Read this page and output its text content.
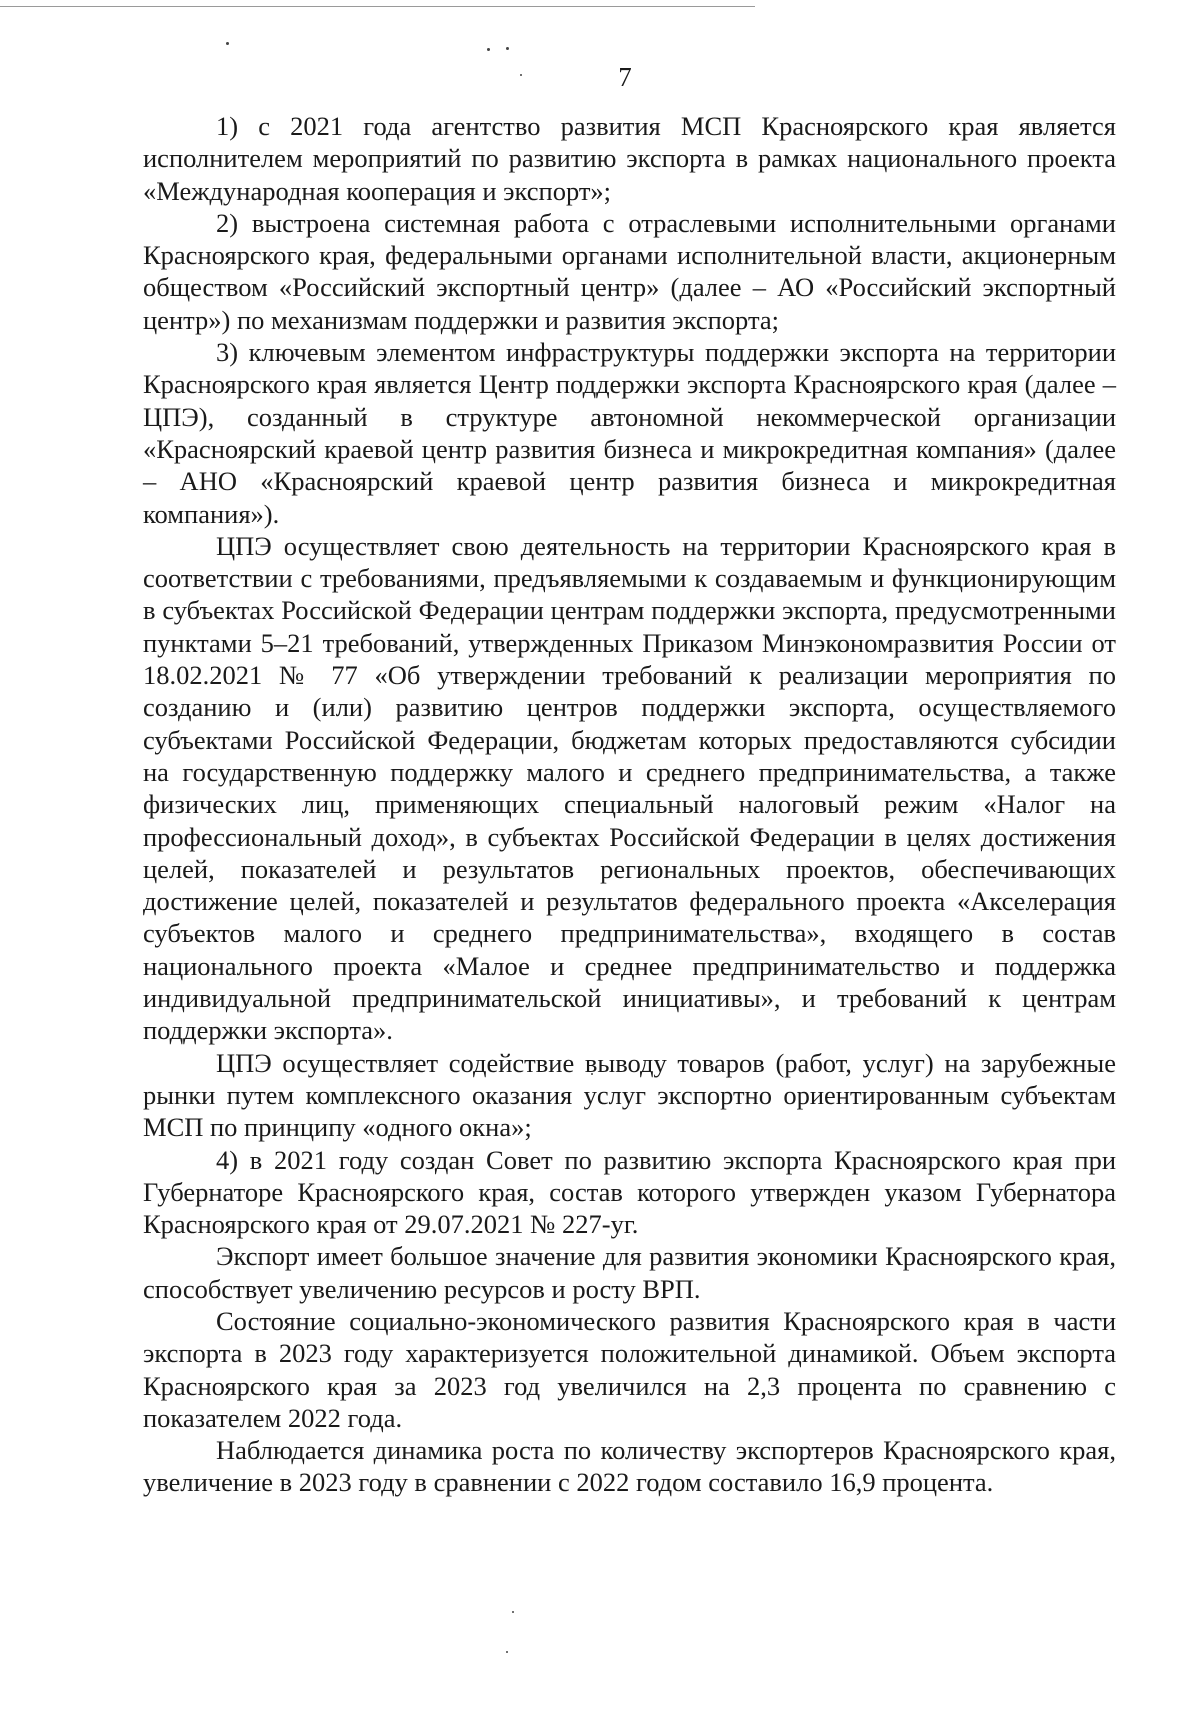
7

1) с 2021 года агентство развития МСП Красноярского края является исполнителем мероприятий по развитию экспорта в рамках национального проекта «Международная кооперация и экспорт»;

2) выстроена системная работа с отраслевыми исполнительными органами Красноярского края, федеральными органами исполнительной власти, акционерным обществом «Российский экспортный центр» (далее – АО «Российский экспортный центр») по механизмам поддержки и развития экспорта;

3) ключевым элементом инфраструктуры поддержки экспорта на территории Красноярского края является Центр поддержки экспорта Красноярского края (далее – ЦПЭ), созданный в структуре автономной некоммерческой организации «Красноярский краевой центр развития бизнеса и микрокредитная компания» (далее – АНО «Красноярский краевой центр развития бизнеса и микрокредитная компания»).

ЦПЭ осуществляет свою деятельность на территории Красноярского края в соответствии с требованиями, предъявляемыми к создаваемым и функционирующим в субъектах Российской Федерации центрам поддержки экспорта, предусмотренными пунктами 5–21 требований, утвержденных Приказом Минэкономразвития России от 18.02.2021 № 77 «Об утверждении требований к реализации мероприятия по созданию и (или) развитию центров поддержки экспорта, осуществляемого субъектами Российской Федерации, бюджетам которых предоставляются субсидии на государственную поддержку малого и среднего предпринимательства, а также физических лиц, применяющих специальный налоговый режим «Налог на профессиональный доход», в субъектах Российской Федерации в целях достижения целей, показателей и результатов региональных проектов, обеспечивающих достижение целей, показателей и результатов федерального проекта «Акселерация субъектов малого и среднего предпринимательства», входящего в состав национального проекта «Малое и среднее предпринимательство и поддержка индивидуальной предпринимательской инициативы», и требований к центрам поддержки экспорта».

ЦПЭ осуществляет содействие выводу товаров (работ, услуг) на зарубежные рынки путем комплексного оказания услуг экспортно ориентированным субъектам МСП по принципу «одного окна»;

4) в 2021 году создан Совет по развитию экспорта Красноярского края при Губернаторе Красноярского края, состав которого утвержден указом Губернатора Красноярского края от 29.07.2021 № 227-уг.

Экспорт имеет большое значение для развития экономики Красноярского края, способствует увеличению ресурсов и росту ВРП.

Состояние социально-экономического развития Красноярского края в части экспорта в 2023 году характеризуется положительной динамикой. Объем экспорта Красноярского края за 2023 год увеличился на 2,3 процента по сравнению с показателем 2022 года.

Наблюдается динамика роста по количеству экспортеров Красноярского края, увеличение в 2023 году в сравнении с 2022 годом составило 16,9 процента.
